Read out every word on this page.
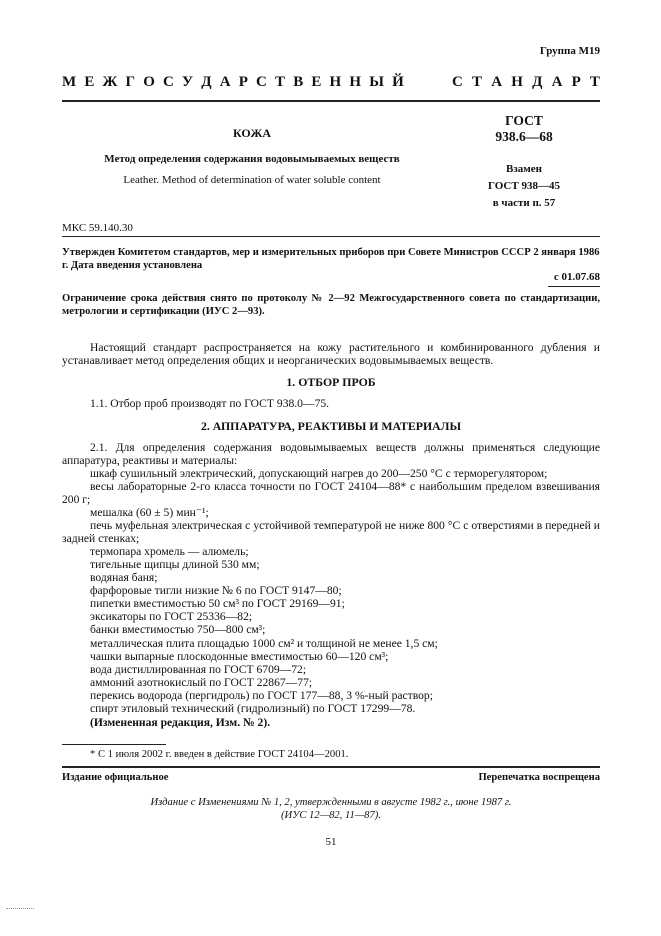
Группа М19
М Е Ж Г О С У Д А Р С Т В Е Н Н Ы Й	С Т А Н Д А Р Т
КОЖА
Метод определения содержания водовымываемых веществ
Leather. Method of determination of water soluble content
ГОСТ
938.6—68
Взамен
ГОСТ 938—45
в части п. 57
МКС 59.140.30
Утвержден Комитетом стандартов, мер и измерительных приборов при Совете Министров СССР 2 января 1986 г. Дата введения установлена
с 01.07.68
Ограничение срока действия снято по протоколу № 2—92 Межгосударственного совета по стандартизации, метрологии и сертификации (ИУС 2—93).
Настоящий стандарт распространяется на кожу растительного и комбинированного дубления и устанавливает метод определения общих и неорганических водовымываемых веществ.
1. ОТБОР ПРОБ
1.1. Отбор проб производят по ГОСТ 938.0—75.
2. АППАРАТУРА, РЕАКТИВЫ И МАТЕРИАЛЫ
2.1. Для определения содержания водовымываемых веществ должны применяться следующие аппаратура, реактивы и материалы:
шкаф сушильный электрический, допускающий нагрев до 200—250 °С с терморегулятором;
весы лабораторные 2-го класса точности по ГОСТ 24104—88* с наибольшим пределом взвешивания 200 г;
мешалка (60 ± 5) мин⁻¹;
печь муфельная электрическая с устойчивой температурой не ниже 800 °С с отверстиями в передней и задней стенках;
термопара хромель — алюмель;
тигельные щипцы длиной 530 мм;
водяная баня;
фарфоровые тигли низкие № 6 по ГОСТ 9147—80;
пипетки вместимостью 50 см³ по ГОСТ 29169—91;
эксикаторы по ГОСТ 25336—82;
банки вместимостью 750—800 см³;
металлическая плита площадью 1000 см² и толщиной не менее 1,5 см;
чашки выпарные плоскодонные вместимостью 60—120 см³;
вода дистиллированная по ГОСТ 6709—72;
аммоний азотнокислый по ГОСТ 22867—77;
перекись водорода (пергидроль) по ГОСТ 177—88, 3 %-ный раствор;
спирт этиловый технический (гидролизный) по ГОСТ 17299—78.
(Измененная редакция, Изм. № 2).
* С 1 июля 2002 г. введен в действие ГОСТ 24104—2001.
Издание официальное	Перепечатка воспрещена
Издание с Изменениями № 1, 2, утвержденными в августе 1982 г., июне 1987 г.
(ИУС 12—82, 11—87).
51
